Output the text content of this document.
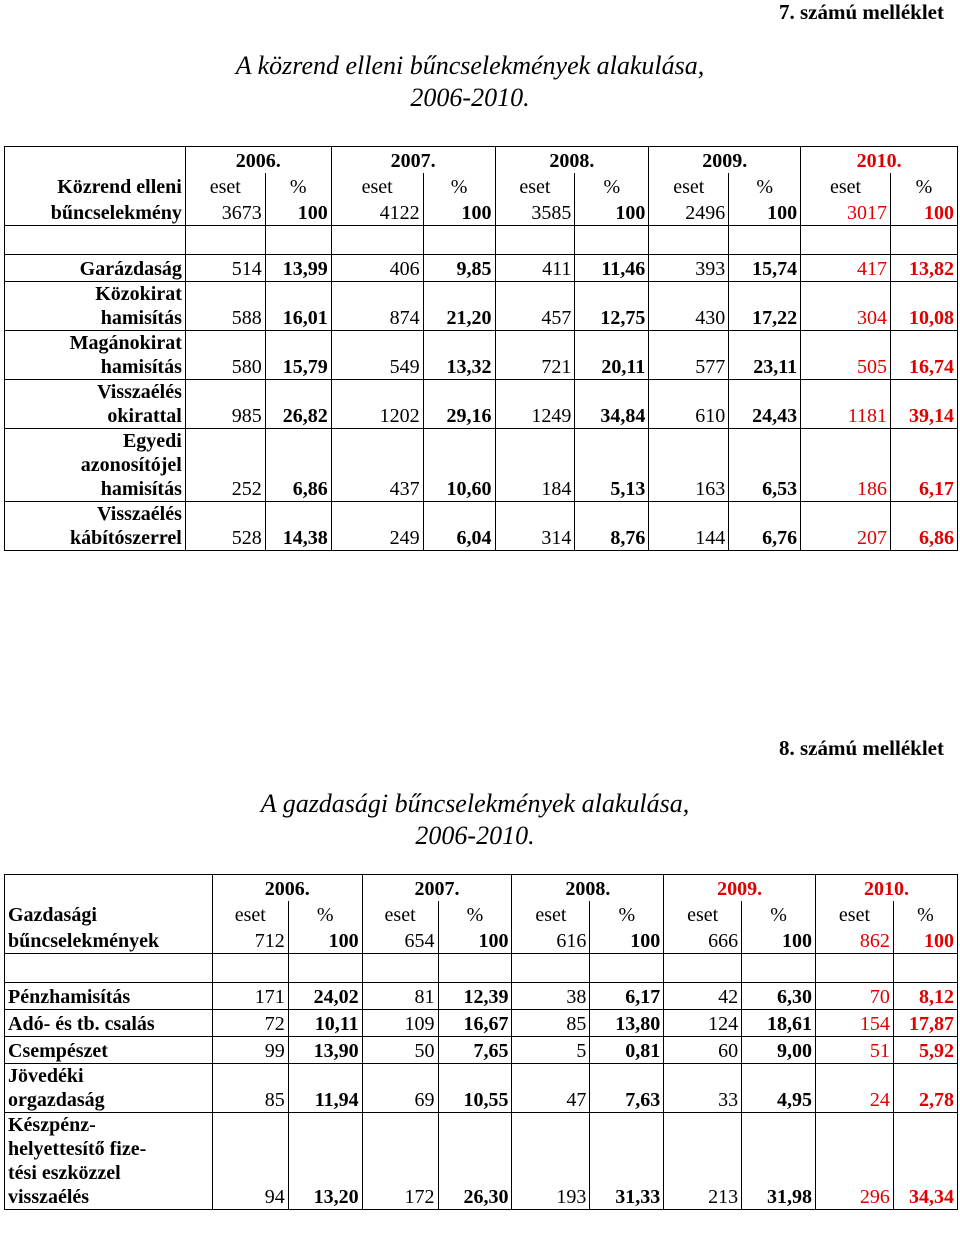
7. számú melléklet
A közrend elleni bűncselekmények alakulása,
2006-2010.
	2006.		2007.		2008.		2009.		2010.	
Közrend elleni	eset	%	eset	%	eset	%	eset	%	eset	%
bűncselekmény	3673	100	4122	100	3585	100	2496	100	3017	100

Garázdaság	514	13,99	406	9,85	411	11,46	393	15,74	417	13,82

Közokirat
hamisítás	588	16,01	874	21,20	457	12,75	430	17,22	304	10,08

Magánokirat
hamisítás	580	15,79	549	13,32	721	20,11	577	23,11	505	16,74

Visszaélés
okirattal	985	26,82	1202	29,16	1249	34,84	610	24,43	1181	39,14

Egyedi
azonosítójel
hamisítás	252	6,86	437	10,60	184	5,13	163	6,53	186	6,17

Visszaélés
kábítószerrel	528	14,38	249	6,04	314	8,76	144	6,76	207	6,86
8. számú melléklet
A gazdasági bűncselekmények alakulása,
2006-2010.
	2006.		2007.		2008.		2009.		2010.	
Gazdasági	eset	%	eset	%	eset	%	eset	%	eset	%
bűncselekmények	712	100	654	100	616	100	666	100	862	100

Pénzhamisítás	171	24,02	81	12,39	38	6,17	42	6,30	70	8,12

Adó- és tb. csalás	72	10,11	109	16,67	85	13,80	124	18,61	154	17,87

Csempészet	99	13,90	50	7,65	5	0,81	60	9,00	51	5,92

Jövedéki
orgazdaság	85	11,94	69	10,55	47	7,63	33	4,95	24	2,78

Készpénz-
helyettesítő fize-
tési eszközzel
visszaélés	94	13,20	172	26,30	193	31,33	213	31,98	296	34,34
